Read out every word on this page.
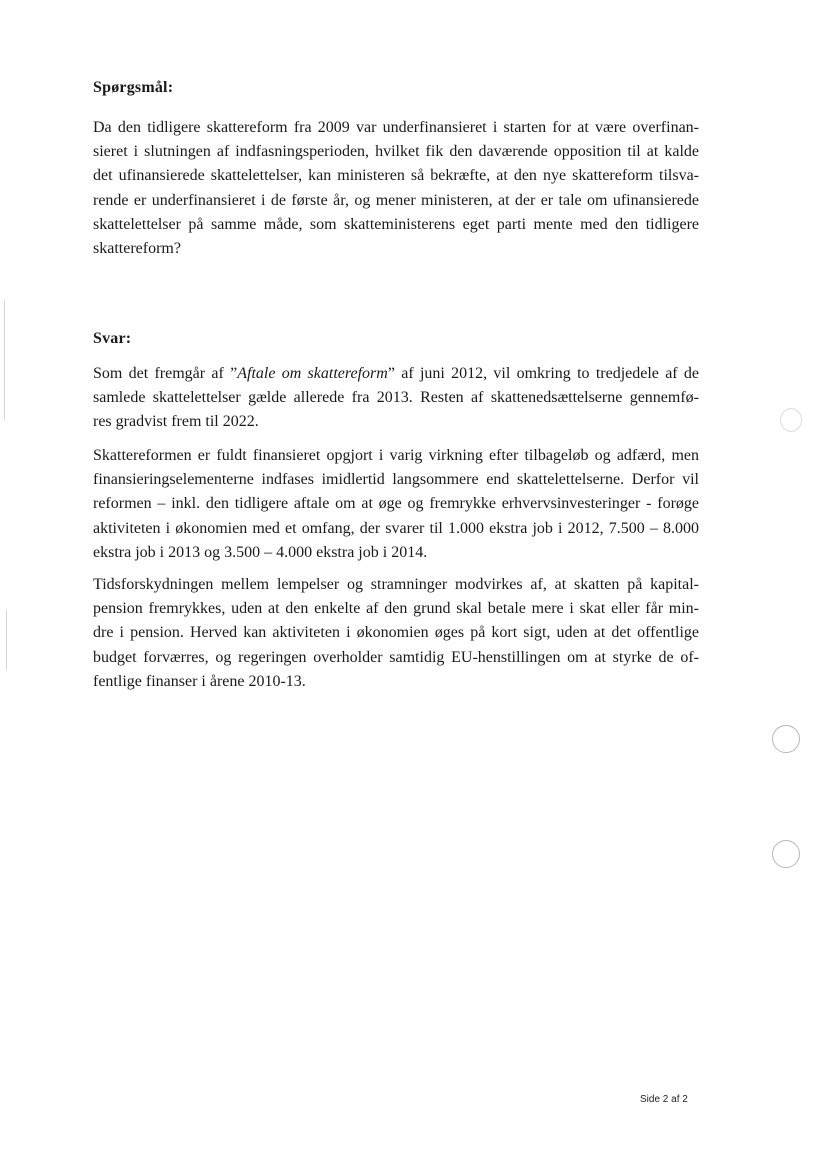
Spørgsmål:

Da den tidligere skattereform fra 2009 var underfinansieret i starten for at være overfinan-
sieret i slutningen af indfasningsperioden, hvilket fik den daværende opposition til at kalde
det ufinansierede skattelettelser, kan ministeren så bekræfte, at den nye skattereform tilsva-
rende er underfinansieret i de første år, og mener ministeren, at der er tale om ufinansierede
skattelettelser på samme måde, som skatteministerens eget parti mente med den tidligere
skattereform?

Svar:

Som det fremgår af ”Aftale om skattereform” af juni 2012, vil omkring to tredjedele af de
samlede skattelettelser gælde allerede fra 2013. Resten af skattenedsættelserne gennemfø-
res gradvist frem til 2022.

Skattereformen er fuldt finansieret opgjort i varig virkning efter tilbageløb og adfærd, men
finansieringselementerne indfases imidlertid langsommere end skattelettelserne. Derfor vil
reformen – inkl. den tidligere aftale om at øge og fremrykke erhvervsinvesteringer - forøge
aktiviteten i økonomien med et omfang, der svarer til 1.000 ekstra job i 2012, 7.500 – 8.000
ekstra job i 2013 og 3.500 – 4.000 ekstra job i 2014.

Tidsforskydningen mellem lempelser og stramninger modvirkes af, at skatten på kapital-
pension fremrykkes, uden at den enkelte af den grund skal betale mere i skat eller får min-
dre i pension. Herved kan aktiviteten i økonomien øges på kort sigt, uden at det offentlige
budget forværres, og regeringen overholder samtidig EU-henstillingen om at styrke de of-
fentlige finanser i årene 2010-13.

Side 2 af 2
